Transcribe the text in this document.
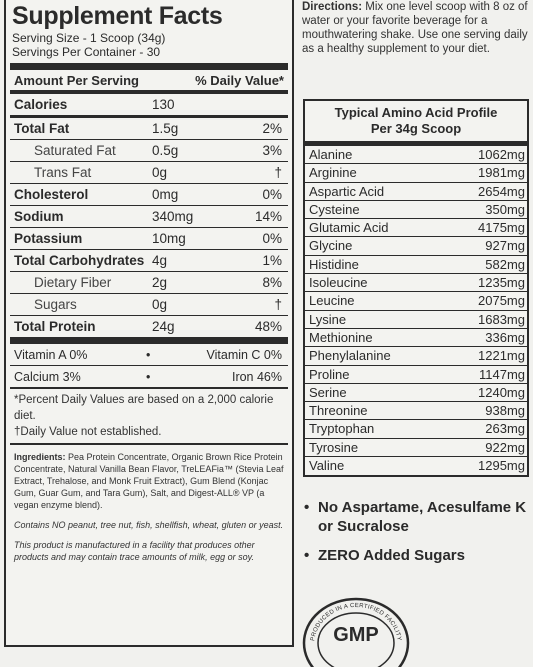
Supplement Facts
Serving Size - 1 Scoop (34g)
Servings Per Container - 30
Amount Per Serving	% Daily Value*
Calories	130
Total Fat	1.5g	2%
Saturated Fat	0.5g	3%
Trans Fat	0g	†
Cholesterol	0mg	0%
Sodium	340mg	14%
Potassium	10mg	0%
Total Carbohydrates 4g	1%
Dietary Fiber	2g	8%
Sugars	0g	†
Total Protein	24g	48%
Vitamin A 0%	•	Vitamin C 0%
Calcium 3%	•	Iron 46%
*Percent Daily Values are based on a 2,000 calorie diet.
†Daily Value not established.
Ingredients: Pea Protein Concentrate, Organic Brown Rice Protein Concentrate, Natural Vanilla Bean Flavor, TreLEAFia™ (Stevia Leaf Extract, Trehalose, and Monk Fruit Extract), Gum Blend (Konjac Gum, Guar Gum, and Tara Gum), Salt, and Digest-ALL® VP (a vegan enzyme blend).
Contains NO peanut, tree nut, fish, shellfish, wheat, gluten or yeast.
This product is manufactured in a facility that produces other products and may contain trace amounts of milk, egg or soy.
Directions: Mix one level scoop with 8 oz of water or your favorite beverage for a mouthwatering shake. Use one serving daily as a healthy supplement to your diet.
Typical Amino Acid Profile
Per 34g Scoop
Alanine	1062mg
Arginine	1981mg
Aspartic Acid	2654mg
Cysteine	350mg
Glutamic Acid	4175mg
Glycine	927mg
Histidine	582mg
Isoleucine	1235mg
Leucine	2075mg
Lysine	1683mg
Methionine	336mg
Phenylalanine	1221mg
Proline	1147mg
Serine	1240mg
Threonine	938mg
Tryptophan	263mg
Tyrosine	922mg
Valine	1295mg
• No Aspartame, Acesulfame K or Sucralose
• ZERO Added Sugars
PRODUCED IN A CERTIFIED FACILITY
GMP
